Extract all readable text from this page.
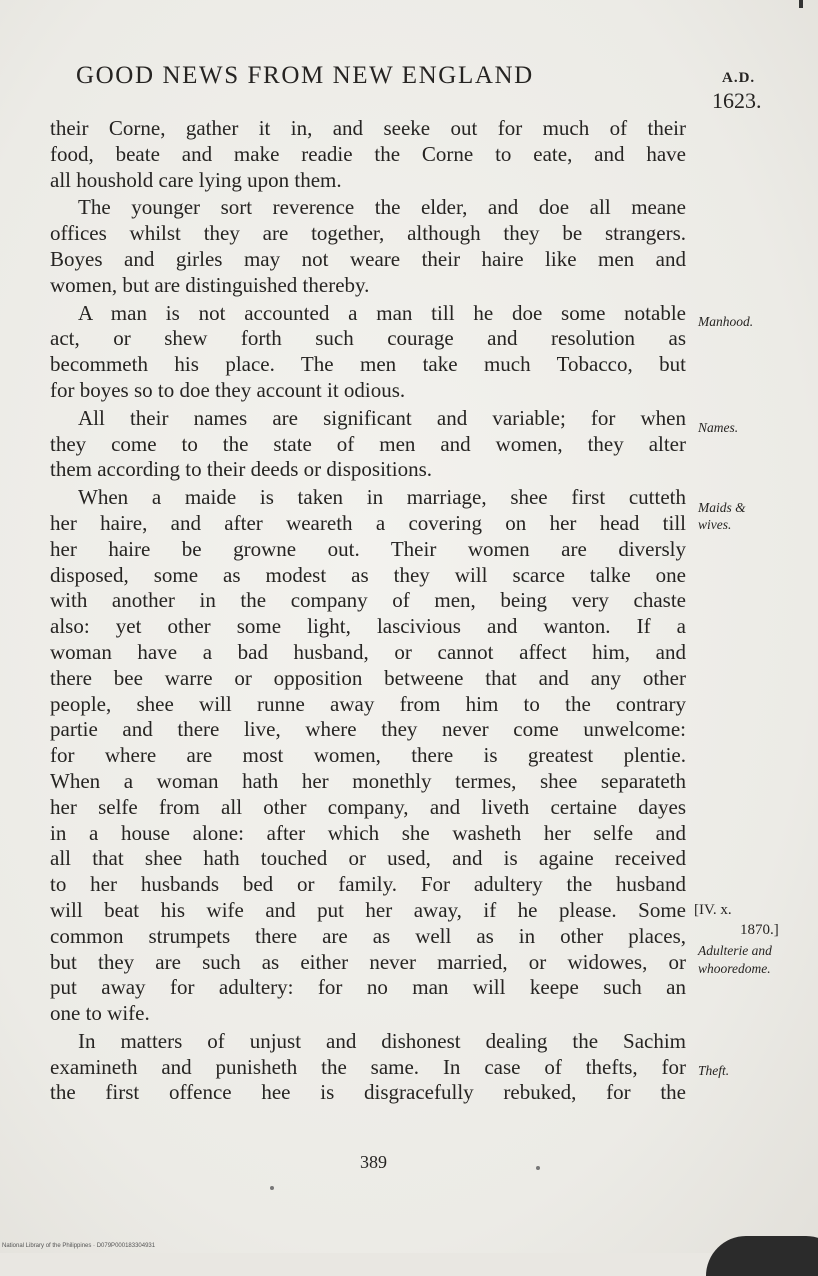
GOOD NEWS FROM NEW ENGLAND	A.D.
1623.
their Corne, gather it in, and seeke out for much of their
food, beate and make readie the Corne to eate, and have
all houshold care lying upon them.
The younger sort reverence the elder, and doe all meane
offices whilst they are together, although they be strangers.
Boyes and girles may not weare their haire like men and
women, but are distinguished thereby.
A man is not accounted a man till he doe some notable
act, or shew forth such courage and resolution as
becommeth his place. The men take much Tobacco, but
for boyes so to doe they account it odious.
All their names are significant and variable; for when
they come to the state of men and women, they alter
them according to their deeds or dispositions.
When a maide is taken in marriage, shee first cutteth
her haire, and after weareth a covering on her head till
her haire be growne out. Their women are diversly
disposed, some as modest as they will scarce talke one
with another in the company of men, being very chaste
also: yet other some light, lascivious and wanton. If a
woman have a bad husband, or cannot affect him, and
there bee warre or opposition betweene that and any other
people, shee will runne away from him to the contrary
partie and there live, where they never come unwelcome:
for where are most women, there is greatest plentie.
When a woman hath her monethly termes, shee separateth
her selfe from all other company, and liveth certaine dayes
in a house alone: after which she washeth her selfe and
all that shee hath touched or used, and is againe received
to her husbands bed or family. For adultery the husband
will beat his wife and put her away, if he please. Some
common strumpets there are as well as in other places,
but they are such as either never married, or widowes, or
put away for adultery: for no man will keepe such an
one to wife.
In matters of unjust and dishonest dealing the Sachim
examineth and punisheth the same. In case of thefts, for
the first offence hee is disgracefully rebuked, for the
Manhood.
Names.
Maids &
wives.
[IV. x.
1870.]
Adulterie and
whooredome.
Theft.
389
National Library of the Philippines · D079P000183304931
